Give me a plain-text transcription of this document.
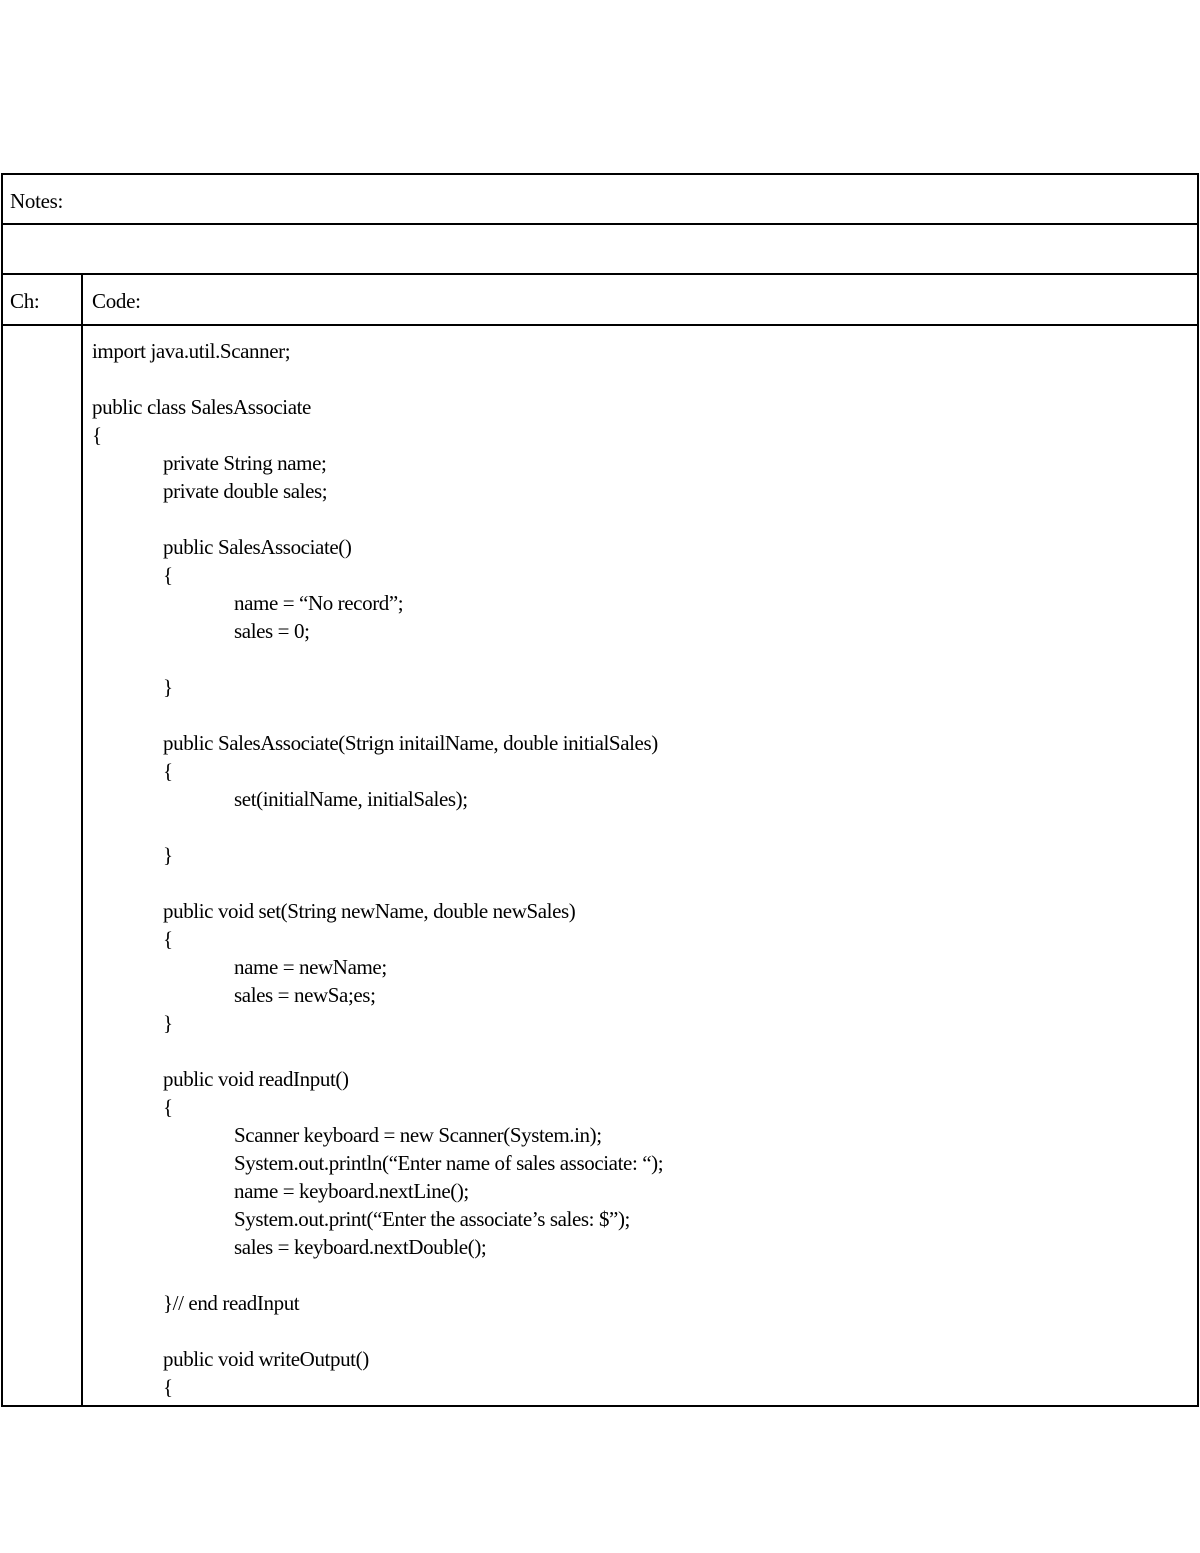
Notes:
Ch:	Code:
import java.util.Scanner;
public class SalesAssociate
{
private String name;
private double sales;
public SalesAssociate()
{
name = “No record”;
sales = 0;
}
public SalesAssociate(Strign initailName, double initialSales)
{
set(initialName, initialSales);
}
public void set(String newName, double newSales)
{
name = newName;
sales = newSa;es;
}
public void readInput()
{
Scanner keyboard = new Scanner(System.in);
System.out.println(“Enter name of sales associate: “);
name = keyboard.nextLine();
System.out.print(“Enter the associate’s sales: $”);
sales = keyboard.nextDouble();
}// end readInput
public void writeOutput()
{
